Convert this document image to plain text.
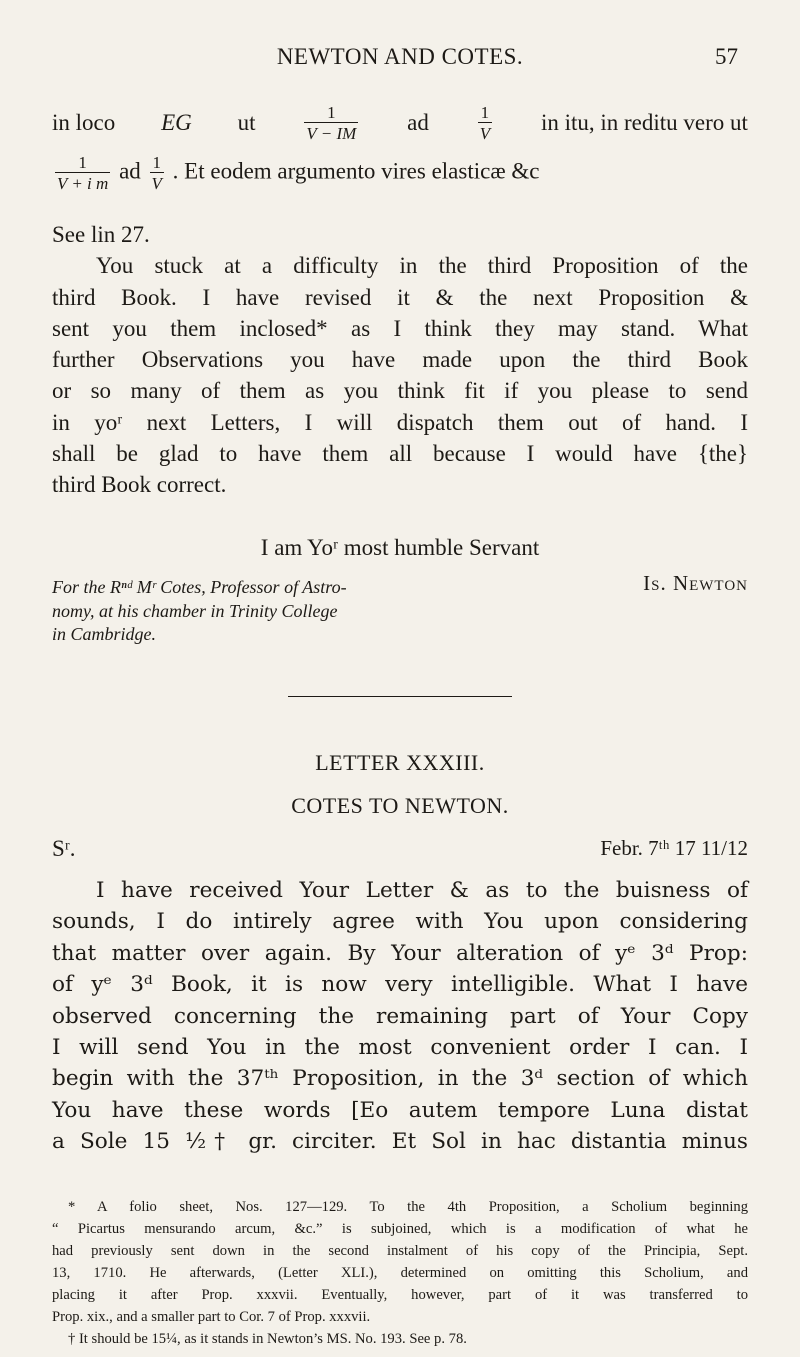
NEWTON AND COTES.	57
in loco EG ut	$\frac{1}{V - IM}$ ad	$\frac{1}{V}$ in itu, in reditu vero ut
$\frac{1}{\text{V + i m}}$ ad $\frac{1}{V}$ . Et eodem argumento vires elasticæ &c
See lin 27.
You stuck at a difficulty in the third Proposition of the
third Book. I have revised it & the next Proposition &
sent you them inclosed* as I think they may stand. What
further Observations you have made upon the third Book
or so many of them as you think fit if you please to send
in yoʳ next Letters, I will dispatch them out of hand. I
shall be glad to have them all because I would have {the}
third Book correct.
I am Yoʳ most humble Servant
For the Rⁿᵈ Mʳ Cotes, Professor of Astro-
nomy, at his chamber in Trinity College
in Cambridge.
Is. Newton
LETTER XXXIII.
COTES TO NEWTON.
Sʳ.	Febr. 7ᵗʰ 17 11/12
I have received Your Letter & as to the buisness of
sounds, I do intirely agree with You upon considering
that matter over again. By Your alteration of yᵉ 3ᵈ Prop:
of yᵉ 3ᵈ Book, it is now very intelligible. What I have
observed concerning the remaining part of Your Copy
I will send You in the most convenient order I can. I
begin with the 37ᵗʰ Proposition, in the 3ᵈ section of which
You have these words [Eo autem tempore Luna distat
a Sole 15 ½† gr. circiter. Et Sol in hac distantia minus
* A folio sheet, Nos. 127—129. To the 4th Proposition, a Scholium beginning
“ Picartus mensurando arcum, &c.” is subjoined, which is a modification of what he
had previously sent down in the second instalment of his copy of the Principia, Sept.
13, 1710. He afterwards, (Letter XLI.), determined on omitting this Scholium, and
placing it after Prop. xxxvii. Eventually, however, part of it was transferred to
Prop. xix., and a smaller part to Cor. 7 of Prop. xxxvii.
† It should be 15¼, as it stands in Newton’s MS. No. 193. See p. 78.
